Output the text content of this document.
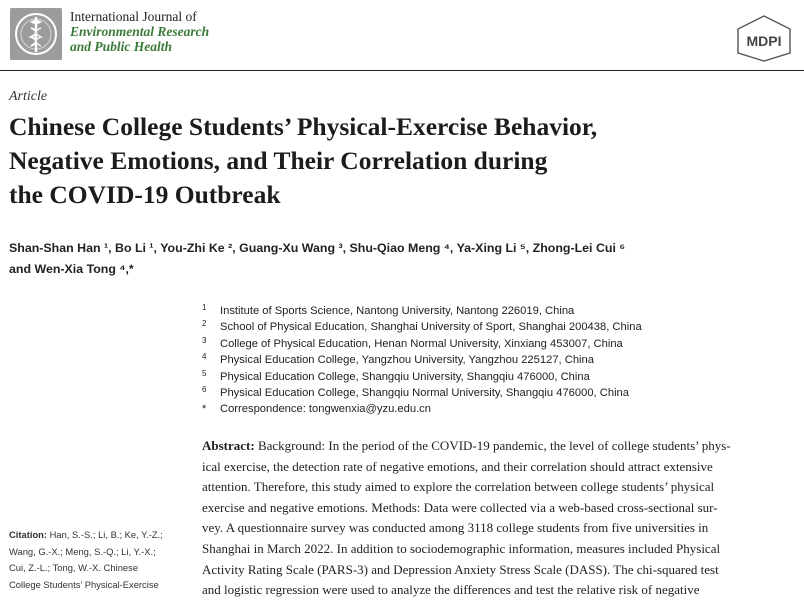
International Journal of
Environmental Research
and Public Health	MDPI
Article
Chinese College Students’ Physical-Exercise Behavior,
Negative Emotions, and Their Correlation during
the COVID-19 Outbreak
Shan-Shan Han ¹, Bo Li ¹, You-Zhi Ke ², Guang-Xu Wang ³, Shu-Qiao Meng ⁴, Ya-Xing Li ⁵, Zhong-Lei Cui ⁶
and Wen-Xia Tong ⁴,*
1 Institute of Sports Science, Nantong University, Nantong 226019, China
2 School of Physical Education, Shanghai University of Sport, Shanghai 200438, China
3 College of Physical Education, Henan Normal University, Xinxiang 453007, China
4 Physical Education College, Yangzhou University, Yangzhou 225127, China
5 Physical Education College, Shangqiu University, Shangqiu 476000, China
6 Physical Education College, Shangqiu Normal University, Shangqiu 476000, China
* Correspondence: tongwenxia@yzu.edu.cn
Abstract: Background: In the period of the COVID-19 pandemic, the level of college students’ phys-
ical exercise, the detection rate of negative emotions, and their correlation should attract extensive
attention. Therefore, this study aimed to explore the correlation between college students’ physical
exercise and negative emotions. Methods: Data were collected via a web-based cross-sectional sur-
vey. A questionnaire survey was conducted among 3118 college students from five universities in
Shanghai in March 2022. In addition to sociodemographic information, measures included Physical
Activity Rating Scale (PARS-3) and Depression Anxiety Stress Scale (DASS). The chi-squared test
and logistic regression were used to analyze the differences and test the relative risk of negative
Citation: Han, S.-S.; Li, B.; Ke, Y.-Z.;
Wang, G.-X.; Meng, S.-Q.; Li, Y.-X.;
Cui, Z.-L.; Tong, W.-X. Chinese
College Students’ Physical-Exercise
